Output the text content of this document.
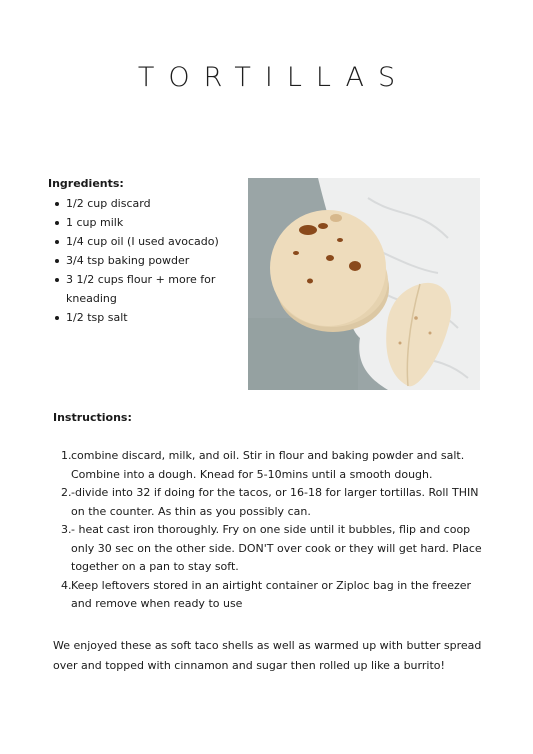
TORTILLAS
Ingredients:
1/2 cup discard
1 cup milk
1/4 cup oil (I used avocado)
3/4 tsp baking powder
3 1/2 cups flour + more for kneading
1/2 tsp salt
Instructions:
1. combine discard, milk, and oil. Stir in flour and baking powder and salt. Combine into a dough. Knead for 5-10mins until a smooth dough.
2. -divide into 32 if doing for the tacos, or 16-18 for larger tortillas. Roll THIN on the counter. As thin as you possibly can.
3. - heat cast iron thoroughly. Fry on one side until it bubbles, flip and coop only 30 sec on the other side. DON'T over cook or they will get hard. Place together on a pan to stay soft.
4. Keep leftovers stored in an airtight container or Ziploc bag in the freezer and remove when ready to use

We enjoyed these as soft taco shells as well as warmed up with butter spread over and topped with cinnamon and sugar then rolled up like a burrito!
